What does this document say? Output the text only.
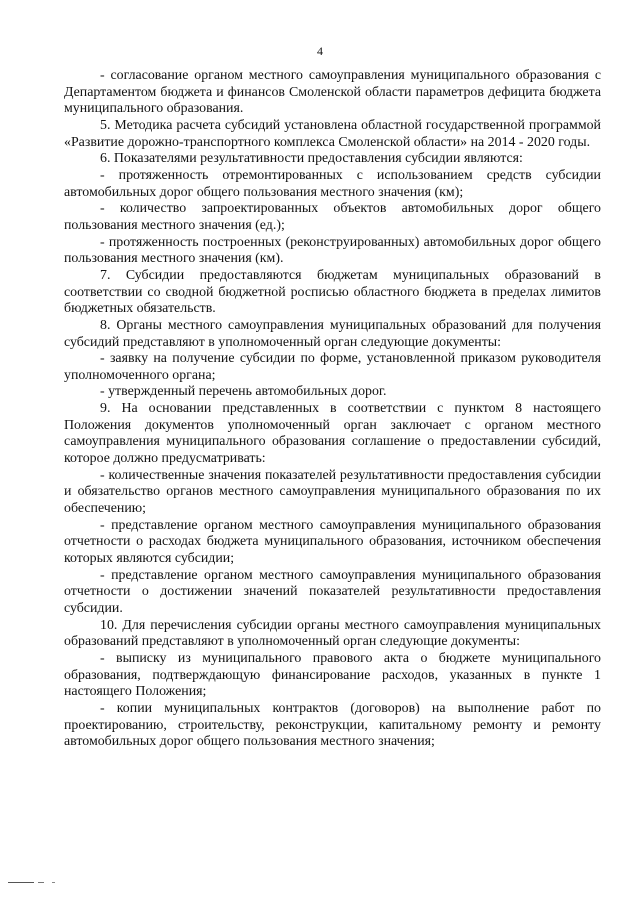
4

- согласование органом местного самоуправления муниципального образования с Департаментом бюджета и финансов Смоленской области параметров дефицита бюджета муниципального образования.

5. Методика расчета субсидий установлена областной государственной программой «Развитие дорожно-транспортного комплекса Смоленской области» на 2014 - 2020 годы.

6. Показателями результативности предоставления субсидии являются:

- протяженность отремонтированных с использованием средств субсидии автомобильных дорог общего пользования местного значения (км);

- количество запроектированных объектов автомобильных дорог общего пользования местного значения (ед.);

- протяженность построенных (реконструированных) автомобильных дорог общего пользования местного значения (км).

7. Субсидии предоставляются бюджетам муниципальных образований в соответствии со сводной бюджетной росписью областного бюджета в пределах лимитов бюджетных обязательств.

8. Органы местного самоуправления муниципальных образований для получения субсидий представляют в уполномоченный орган следующие документы:

- заявку на получение субсидии по форме, установленной приказом руководителя уполномоченного органа;

- утвержденный перечень автомобильных дорог.

9. На основании представленных в соответствии с пунктом 8 настоящего Положения документов уполномоченный орган заключает с органом местного самоуправления муниципального образования соглашение о предоставлении субсидий, которое должно предусматривать:

- количественные значения показателей результативности предоставления субсидии и обязательство органов местного самоуправления муниципального образования по их обеспечению;

- представление органом местного самоуправления муниципального образования отчетности о расходах бюджета муниципального образования, источником обеспечения которых являются субсидии;

- представление органом местного самоуправления муниципального образования отчетности о достижении значений показателей результативности предоставления субсидии.

10. Для перечисления субсидии органы местного самоуправления муниципальных образований представляют в уполномоченный орган следующие документы:

- выписку из муниципального правового акта о бюджете муниципального образования, подтверждающую финансирование расходов, указанных в пункте 1 настоящего Положения;

- копии муниципальных контрактов (договоров) на выполнение работ по проектированию, строительству, реконструкции, капитальному ремонту и ремонту автомобильных дорог общего пользования местного значения;
